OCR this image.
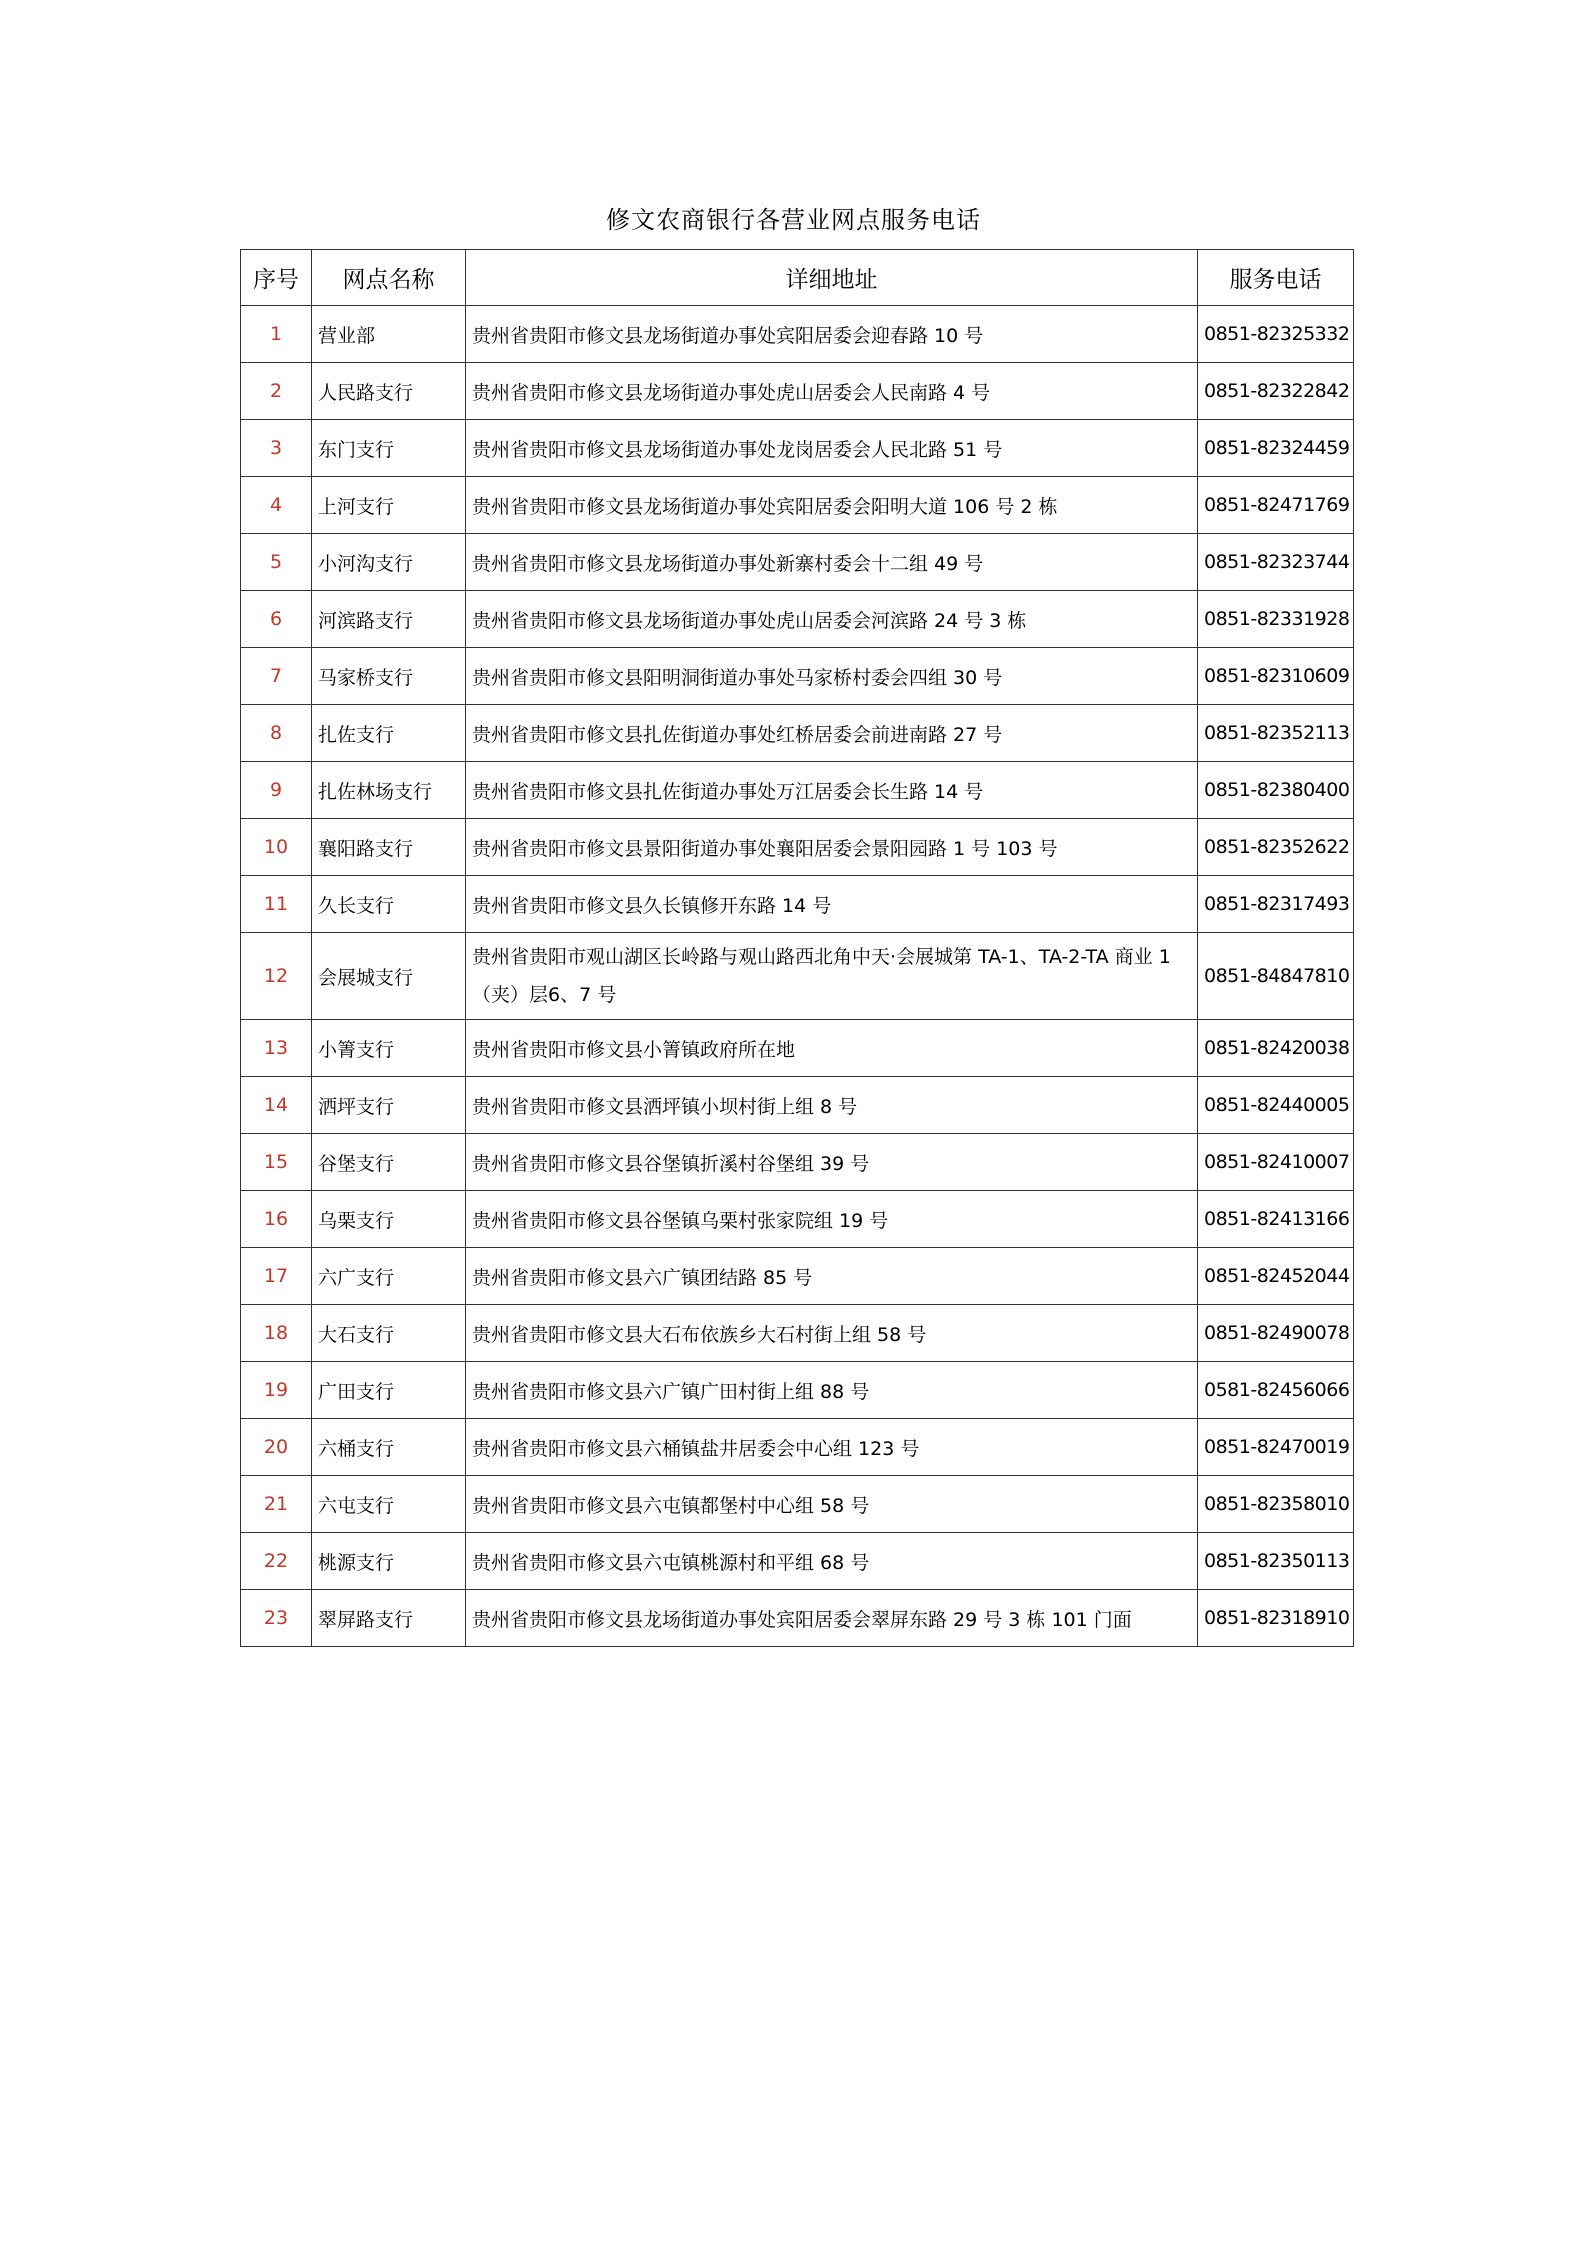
修文农商银行各营业网点服务电话
序号	网点名称	详细地址	服务电话
1	营业部	贵州省贵阳市修文县龙场街道办事处宾阳居委会迎春路 10 号	0851-82325332
2	人民路支行	贵州省贵阳市修文县龙场街道办事处虎山居委会人民南路 4 号	0851-82322842
3	东门支行	贵州省贵阳市修文县龙场街道办事处龙岗居委会人民北路 51 号	0851-82324459
4	上河支行	贵州省贵阳市修文县龙场街道办事处宾阳居委会阳明大道 106 号 2 栋	0851-82471769
5	小河沟支行	贵州省贵阳市修文县龙场街道办事处新寨村委会十二组 49 号	0851-82323744
6	河滨路支行	贵州省贵阳市修文县龙场街道办事处虎山居委会河滨路 24 号 3 栋	0851-82331928
7	马家桥支行	贵州省贵阳市修文县阳明洞街道办事处马家桥村委会四组 30 号	0851-82310609
8	扎佐支行	贵州省贵阳市修文县扎佐街道办事处红桥居委会前进南路 27 号	0851-82352113
9	扎佐林场支行	贵州省贵阳市修文县扎佐街道办事处万江居委会长生路 14 号	0851-82380400
10	襄阳路支行	贵州省贵阳市修文县景阳街道办事处襄阳居委会景阳园路 1 号 103 号	0851-82352622
11	久长支行	贵州省贵阳市修文县久长镇修开东路 14 号	0851-82317493
12	会展城支行	贵州省贵阳市观山湖区长岭路与观山路西北角中天·会展城第 TA-1、TA-2-TA 商业 1（夹）层6、7 号	0851-84847810
13	小箐支行	贵州省贵阳市修文县小箐镇政府所在地	0851-82420038
14	洒坪支行	贵州省贵阳市修文县洒坪镇小坝村街上组 8 号	0851-82440005
15	谷堡支行	贵州省贵阳市修文县谷堡镇折溪村谷堡组 39 号	0851-82410007
16	乌栗支行	贵州省贵阳市修文县谷堡镇乌栗村张家院组 19 号	0851-82413166
17	六广支行	贵州省贵阳市修文县六广镇团结路 85 号	0851-82452044
18	大石支行	贵州省贵阳市修文县大石布依族乡大石村街上组 58 号	0851-82490078
19	广田支行	贵州省贵阳市修文县六广镇广田村街上组 88 号	0581-82456066
20	六桶支行	贵州省贵阳市修文县六桶镇盐井居委会中心组 123 号	0851-82470019
21	六屯支行	贵州省贵阳市修文县六屯镇都堡村中心组 58 号	0851-82358010
22	桃源支行	贵州省贵阳市修文县六屯镇桃源村和平组 68 号	0851-82350113
23	翠屏路支行	贵州省贵阳市修文县龙场街道办事处宾阳居委会翠屏东路 29 号 3 栋 101 门面	0851-82318910
